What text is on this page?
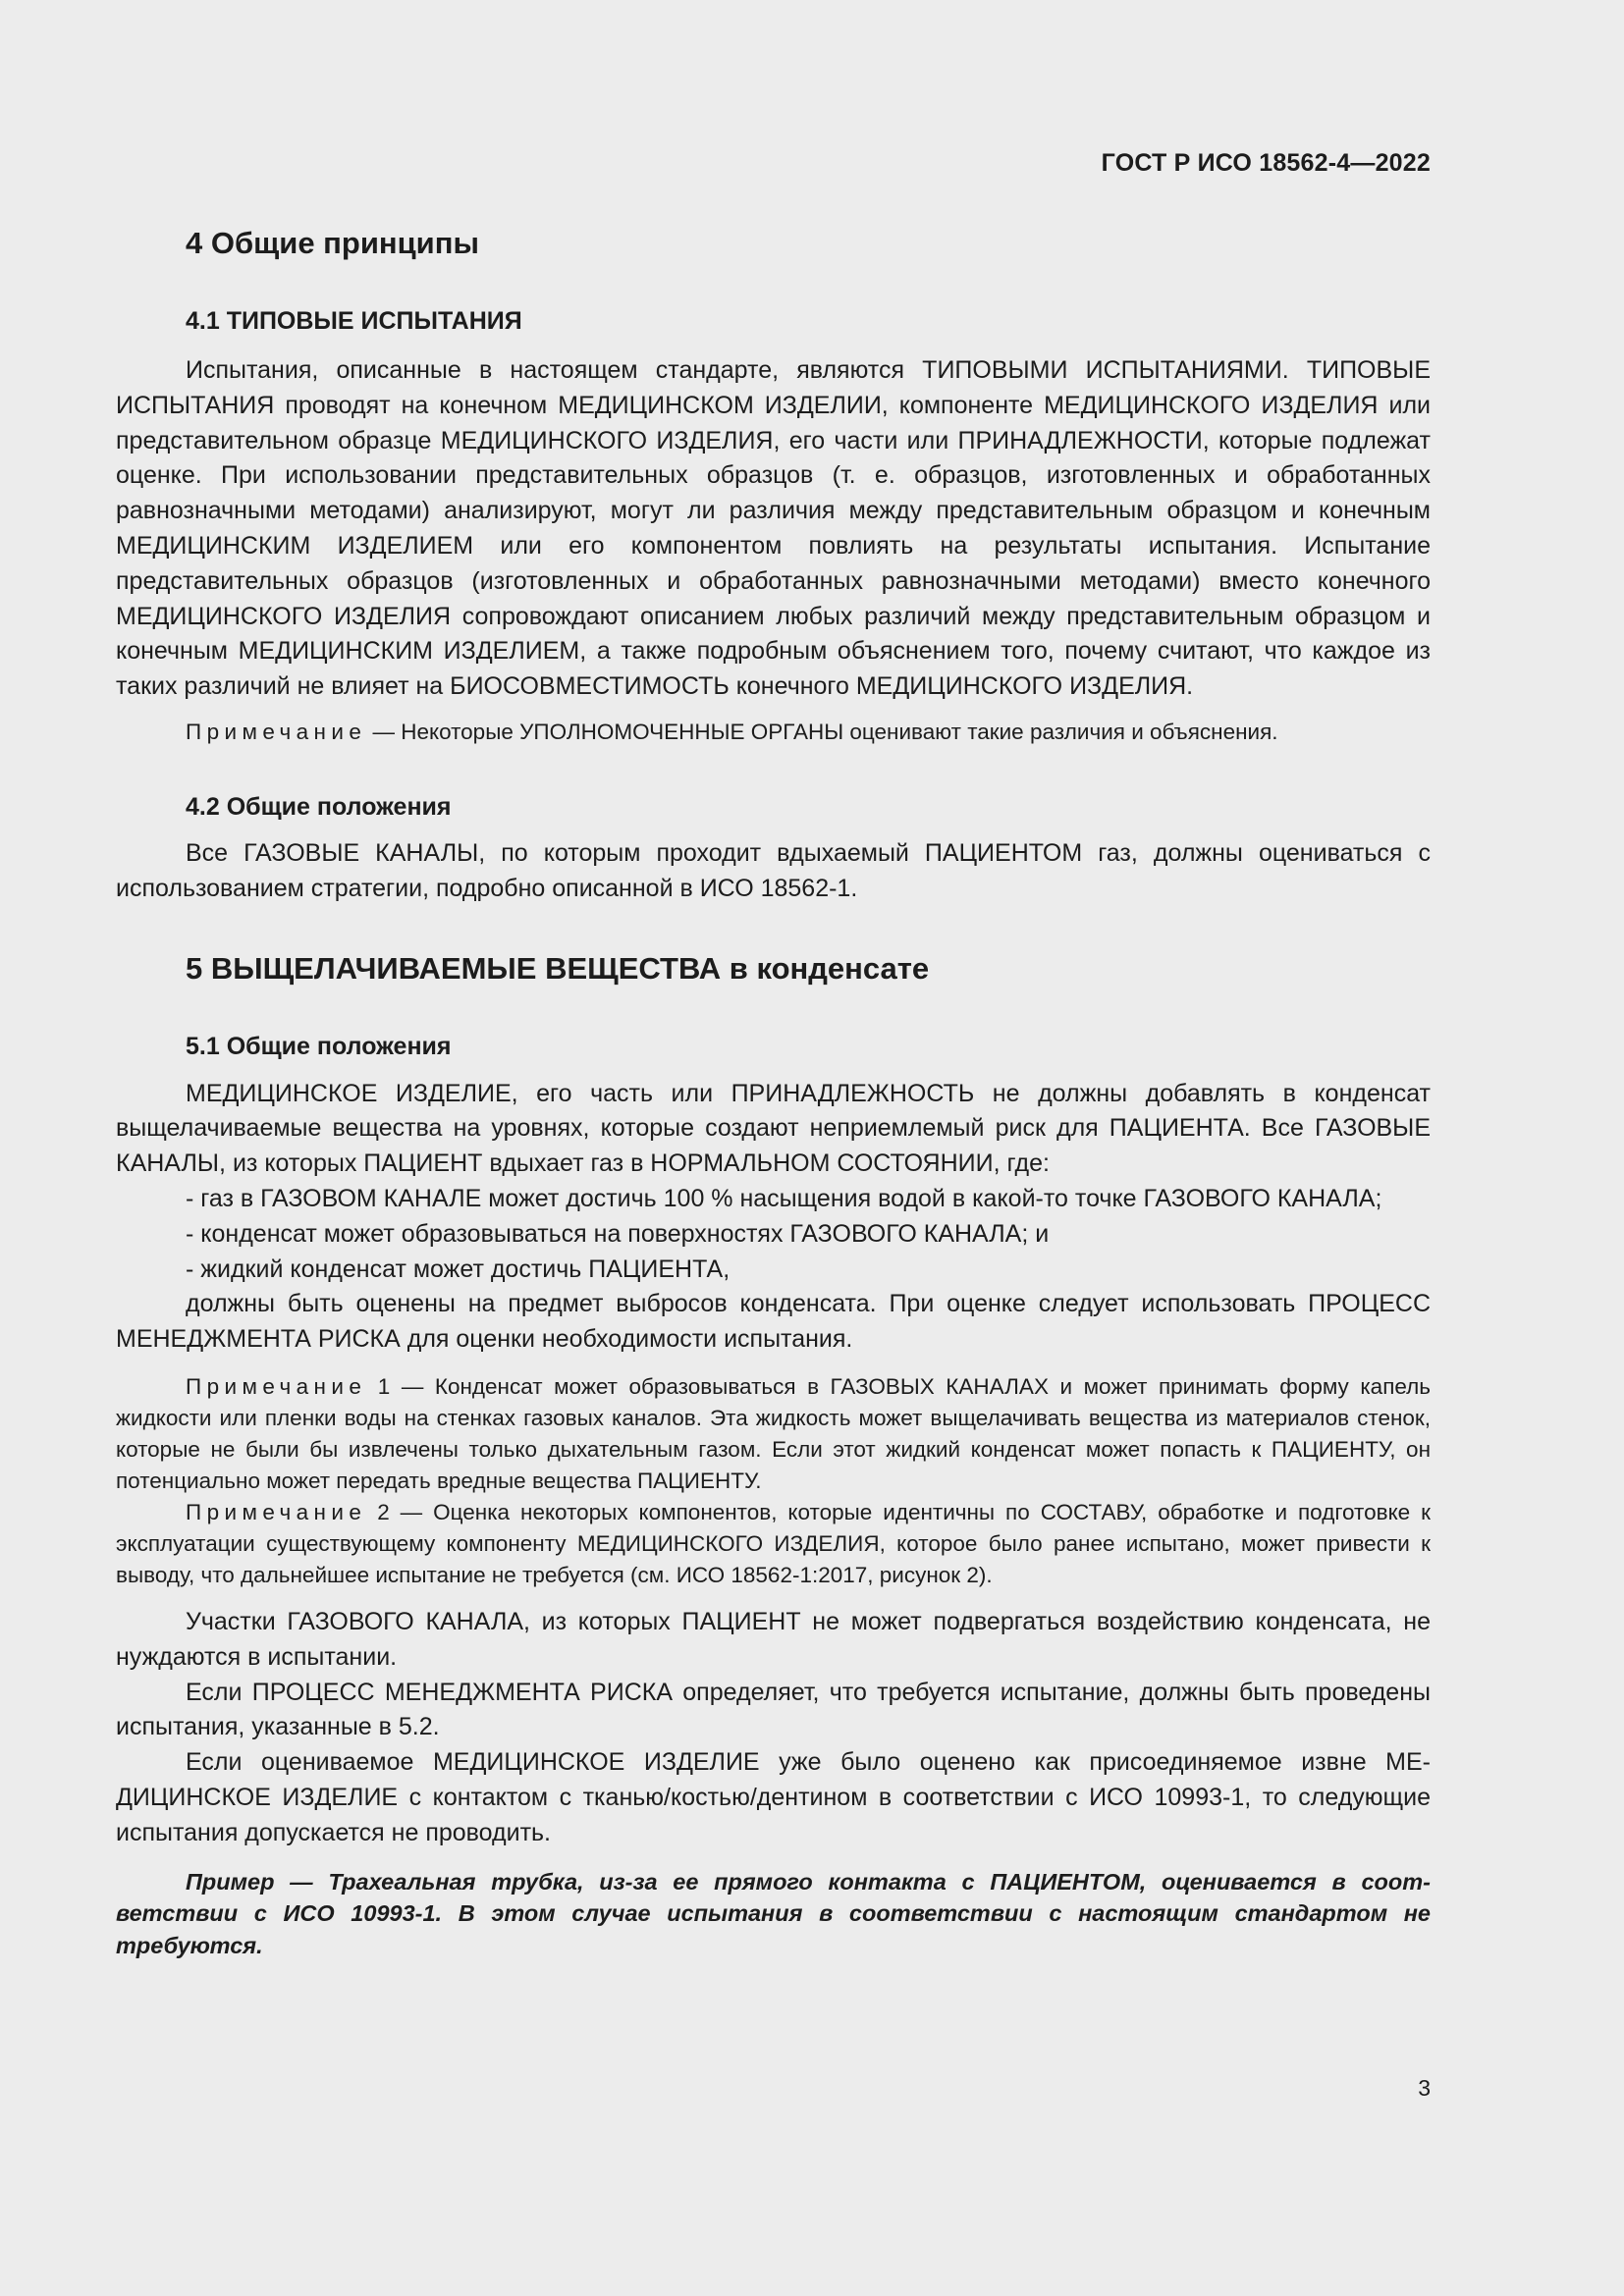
ГОСТ Р ИСО 18562-4—2022
4 Общие принципы
4.1 ТИПОВЫЕ ИСПЫТАНИЯ

Испытания, описанные в настоящем стандарте, являются ТИПОВЫМИ ИСПЫТАНИЯМИ. ТИПОВЫЕ ИСПЫТАНИЯ проводят на конечном МЕДИЦИНСКОМ ИЗДЕЛИИ, компоненте МЕДИЦИНСКОГО ИЗДЕЛИЯ или представительном образце МЕДИЦИНСКОГО ИЗДЕЛИЯ, его части или ПРИНАДЛЕЖНОСТИ, которые подлежат оценке. При использовании представительных образцов (т. е. образцов, изготовленных и обработанных равнозначными методами) анализируют, могут ли различия между представительным образцом и конечным МЕДИЦИНСКИМ ИЗДЕЛИЕМ или его компонентом повлиять на результаты испытания. Испытание представительных образцов (изготовленных и обработанных равнозначными методами) вместо конечного МЕДИЦИНСКОГО ИЗДЕЛИЯ сопровождают описанием любых различий между представительным образцом и конечным МЕДИЦИНСКИМ ИЗДЕЛИЕМ, а также подробным объяснением того, почему считают, что каждое из таких различий не влияет на БИОСОВМЕСТИМОСТЬ конечного МЕДИЦИНСКОГО ИЗДЕЛИЯ.

Примечание — Некоторые УПОЛНОМОЧЕННЫЕ ОРГАНЫ оценивают такие различия и объяснения.

4.2 Общие положения

Все ГАЗОВЫЕ КАНАЛЫ, по которым проходит вдыхаемый ПАЦИЕНТОМ газ, должны оцениваться с использованием стратегии, подробно описанной в ИСО 18562-1.

5 ВЫЩЕЛАЧИВАЕМЫЕ ВЕЩЕСТВА в конденсате
5.1 Общие положения

МЕДИЦИНСКОЕ ИЗДЕЛИЕ, его часть или ПРИНАДЛЕЖНОСТЬ не должны добавлять в конденсат выщелачиваемые вещества на уровнях, которые создают неприемлемый риск для ПАЦИЕНТА. Все ГАЗОВЫЕ КАНАЛЫ, из которых ПАЦИЕНТ вдыхает газ в НОРМАЛЬНОМ СОСТОЯНИИ, где:

- газ в ГАЗОВОМ КАНАЛЕ может достичь 100 % насыщения водой в какой-то точке ГАЗОВОГО КАНАЛА;

- конденсат может образовываться на поверхностях ГАЗОВОГО КАНАЛА; и

- жидкий конденсат может достичь ПАЦИЕНТА,

должны быть оценены на предмет выбросов конденсата. При оценке следует использовать ПРОЦЕСС МЕНЕДЖМЕНТА РИСКА для оценки необходимости испытания.

Примечание 1 — Конденсат может образовываться в ГАЗОВЫХ КАНАЛАХ и может принимать форму капель жидкости или пленки воды на стенках газовых каналов. Эта жидкость может выщелачивать вещества из материалов стенок, которые не были бы извлечены только дыхательным газом. Если этот жидкий конденсат может попасть к ПАЦИЕНТУ, он потенциально может передать вредные вещества ПАЦИЕНТУ.

Примечание 2 — Оценка некоторых компонентов, которые идентичны по СОСТАВУ, обработке и подготовке к эксплуатации существующему компоненту МЕДИЦИНСКОГО ИЗДЕЛИЯ, которое было ранее испытано, может привести к выводу, что дальнейшее испытание не требуется (см. ИСО 18562-1:2017, рисунок 2).

Участки ГАЗОВОГО КАНАЛА, из которых ПАЦИЕНТ не может подвергаться воздействию конденсата, не нуждаются в испытании.

Если ПРОЦЕСС МЕНЕДЖМЕНТА РИСКА определяет, что требуется испытание, должны быть проведены испытания, указанные в 5.2.

Если оцениваемое МЕДИЦИНСКОЕ ИЗДЕЛИЕ уже было оценено как присоединяемое извне МЕДИЦИНСКОЕ ИЗДЕЛИЕ с контактом с тканью/костью/дентином в соответствии с ИСО 10993-1, то следующие испытания допускается не проводить.

Пример — Трахеальная трубка, из-за ее прямого контакта с ПАЦИЕНТОМ, оценивается в соответствии с ИСО 10993-1. В этом случае испытания в соответствии с настоящим стандартом не требуются.

3
